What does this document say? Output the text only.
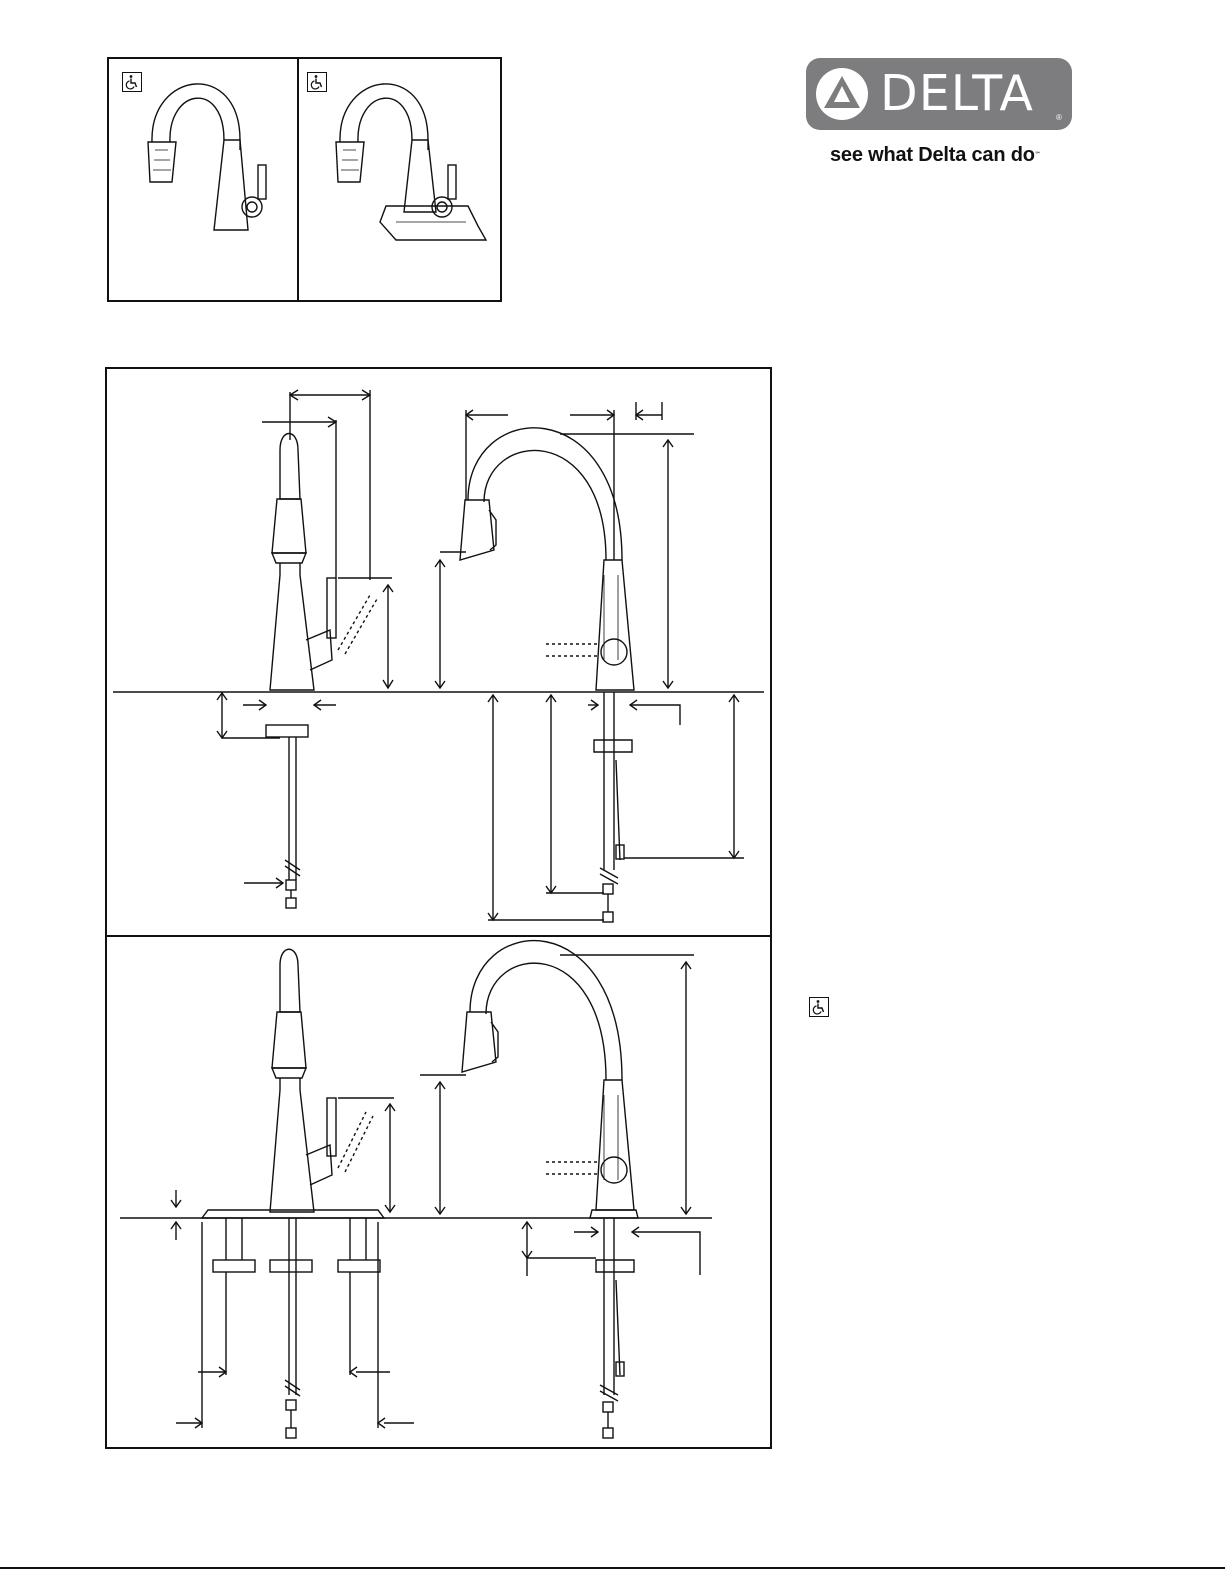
DELTA	®
see what Delta can do℠
